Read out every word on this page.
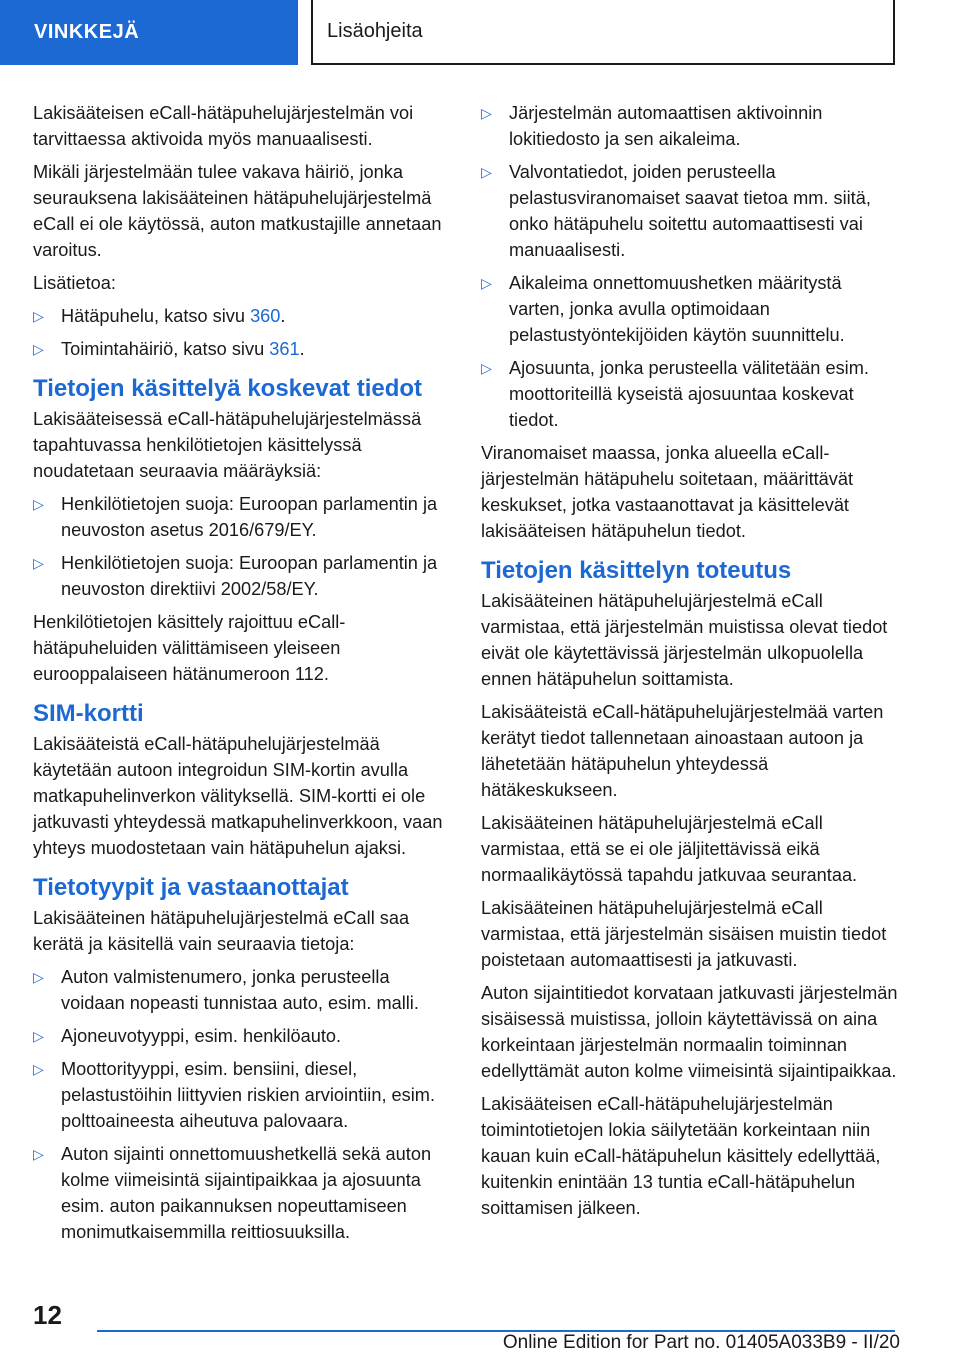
VINKKEJÄ	Lisäohjeita

Lakisääteisen eCall-hätäpuhelujärjestelmän voi tarvittaessa aktivoida myös manuaalisesti.

Mikäli järjestelmään tulee vakava häiriö, jonka seurauksena lakisääteinen hätäpuhelujärjestelmä eCall ei ole käytössä, auton matkustajille annetaan varoitus.

Lisätietoa:

▷ Hätäpuhelu, katso sivu 360.
▷ Toimintahäiriö, katso sivu 361.
Tietojen käsittelyä koskevat tiedot

Lakisääteisessä eCall-hätäpuhelujärjestelmässä tapahtuvassa henkilötietojen käsittelyssä noudatetaan seuraavia määräyksiä:

▷ Henkilötietojen suoja: Euroopan parlamentin ja neuvoston asetus 2016/679/EY.
▷ Henkilötietojen suoja: Euroopan parlamentin ja neuvoston direktiivi 2002/58/EY.

Henkilötietojen käsittely rajoittuu eCall-hätäpuheluiden välittämiseen yleiseen eurooppalaiseen hätänumeroon 112.

SIM-kortti

Lakisääteistä eCall-hätäpuhelujärjestelmää käytetään autoon integroidun SIM-kortin avulla matkapuhelinverkon välityksellä. SIM-kortti ei ole jatkuvasti yhteydessä matkapuhelinverkkoon, vaan yhteys muodostetaan vain hätäpuhelun ajaksi.

Tietotyypit ja vastaanottajat

Lakisääteinen hätäpuhelujärjestelmä eCall saa kerätä ja käsitellä vain seuraavia tietoja:

▷ Auton valmistenumero, jonka perusteella voidaan nopeasti tunnistaa auto, esim. malli.
▷ Ajoneuvotyyppi, esim. henkilöauto.
▷ Moottorityyppi, esim. bensiini, diesel, pelastustöihin liittyvien riskien arviointiin, esim. polttoaineesta aiheutuva palovaara.
▷ Auton sijainti onnettomuushetkellä sekä auton kolme viimeisintä sijaintipaikkaa ja ajosuunta esim. auton paikannuksen nopeuttamiseen monimutkaisemmilla reittiosuuksilla.
▷ Järjestelmän automaattisen aktivoinnin lokitiedosto ja sen aikaleima.
▷ Valvontatiedot, joiden perusteella pelastusviranomaiset saavat tietoa mm. siitä, onko hätäpuhelu soitettu automaattisesti vai manuaalisesti.
▷ Aikaleima onnettomuushetken määritystä varten, jonka avulla optimoidaan pelastustyöntekijöiden käytön suunnittelu.
▷ Ajosuunta, jonka perusteella välitetään esim. moottoriteillä kyseistä ajosuuntaa koskevat tiedot.

Viranomaiset maassa, jonka alueella eCall-järjestelmän hätäpuhelu soitetaan, määrittävät keskukset, jotka vastaanottavat ja käsittelevät lakisääteisen hätäpuhelun tiedot.

Tietojen käsittelyn toteutus

Lakisääteinen hätäpuhelujärjestelmä eCall varmistaa, että järjestelmän muistissa olevat tiedot eivät ole käytettävissä järjestelmän ulkopuolella ennen hätäpuhelun soittamista.

Lakisääteistä eCall-hätäpuhelujärjestelmää varten kerätyt tiedot tallennetaan ainoastaan autoon ja lähetetään hätäpuhelun yhteydessä hätäkeskukseen.

Lakisääteinen hätäpuhelujärjestelmä eCall varmistaa, että se ei ole jäljitettävissä eikä normaalikäytössä tapahdu jatkuvaa seurantaa.

Lakisääteinen hätäpuhelujärjestelmä eCall varmistaa, että järjestelmän sisäisen muistin tiedot poistetaan automaattisesti ja jatkuvasti.

Auton sijaintitiedot korvataan jatkuvasti järjestelmän sisäisessä muistissa, jolloin käytettävissä on aina korkeintaan järjestelmän normaalin toiminnan edellyttämät auton kolme viimeisintä sijaintipaikkaa.

Lakisääteisen eCall-hätäpuhelujärjestelmän toimintotietojen lokia säilytetään korkeintaan niin kauan kuin eCall-hätäpuhelun käsittely edellyttää, kuitenkin enintään 13 tuntia eCall-hätäpuhelun soittamisen jälkeen.

12
Online Edition for Part no. 01405A033B9 - II/20
